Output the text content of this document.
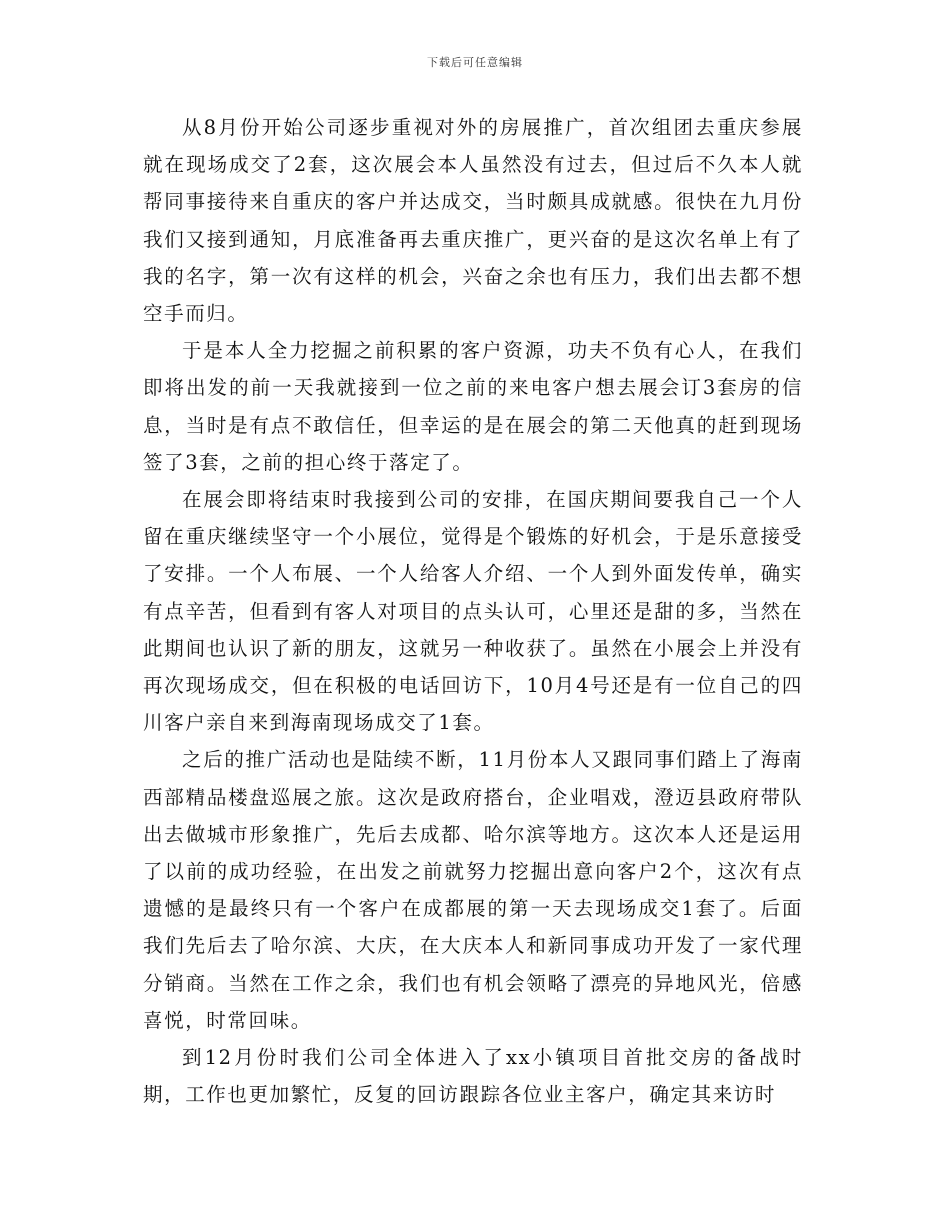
下载后可任意编辑

从8月份开始公司逐步重视对外的房展推广，首次组团去重庆参展就在现场成交了2套，这次展会本人虽然没有过去，但过后不久本人就帮同事接待来自重庆的客户并达成交，当时颇具成就感。很快在九月份我们又接到通知，月底准备再去重庆推广，更兴奋的是这次名单上有了我的名字，第一次有这样的机会，兴奋之余也有压力，我们出去都不想空手而归。

于是本人全力挖掘之前积累的客户资源，功夫不负有心人，在我们即将出发的前一天我就接到一位之前的来电客户想去展会订3套房的信息，当时是有点不敢信任，但幸运的是在展会的第二天他真的赶到现场签了3套，之前的担心终于落定了。

在展会即将结束时我接到公司的安排，在国庆期间要我自己一个人留在重庆继续坚守一个小展位，觉得是个锻炼的好机会，于是乐意接受了安排。一个人布展、一个人给客人介绍、一个人到外面发传单，确实有点辛苦，但看到有客人对项目的点头认可，心里还是甜的多，当然在此期间也认识了新的朋友，这就另一种收获了。虽然在小展会上并没有再次现场成交，但在积极的电话回访下，10月4号还是有一位自己的四川客户亲自来到海南现场成交了1套。

之后的推广活动也是陆续不断，11月份本人又跟同事们踏上了海南西部精品楼盘巡展之旅。这次是政府搭台，企业唱戏，澄迈县政府带队出去做城市形象推广，先后去成都、哈尔滨等地方。这次本人还是运用了以前的成功经验，在出发之前就努力挖掘出意向客户2个，这次有点遗憾的是最终只有一个客户在成都展的第一天去现场成交1套了。后面我们先后去了哈尔滨、大庆，在大庆本人和新同事成功开发了一家代理分销商。当然在工作之余，我们也有机会领略了漂亮的异地风光，倍感喜悦，时常回味。

到12月份时我们公司全体进入了xx小镇项目首批交房的备战时期，工作也更加繁忙，反复的回访跟踪各位业主客户，确定其来访时
